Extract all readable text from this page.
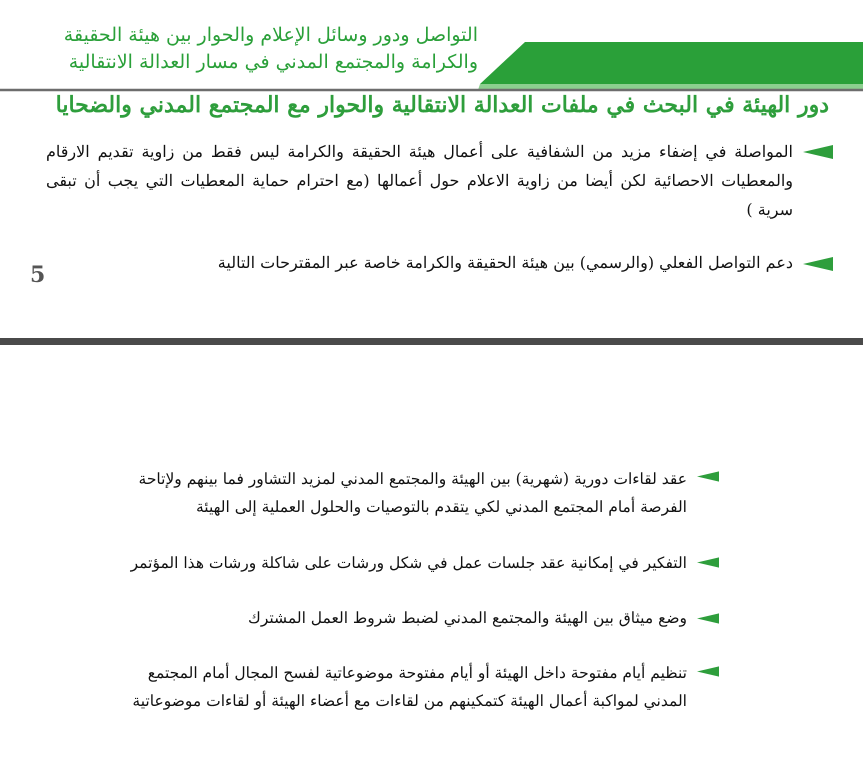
التواصل ودور وسائل الإعلام والحوار بين هيئة الحقيقة
والكرامة والمجتمع المدني في مسار العدالة الانتقالية
دور الهيئة في البحث في ملفات العدالة الانتقالية والحوار مع المجتمع المدني والضحايا
المواصلة في إضفاء مزيد من الشفافية على أعمال هيئة الحقيقة والكرامة ليس فقط من زاوية تقديم الارقام والمعطيات الاحصائية لكن أيضا من زاوية الاعلام حول أعمالها (مع احترام حماية المعطيات التي يجب أن تبقى سرية )
دعم التواصل الفعلي (والرسمي) بين هيئة الحقيقة والكرامة خاصة عبر المقترحات التالية
5
عقد لقاءات دورية (شهرية) بين الهيئة والمجتمع المدني لمزيد التشاور فما بينهم ولإتاحة
الفرصة أمام المجتمع المدني لكي يتقدم بالتوصيات والحلول العملية إلى الهيئة
التفكير في إمكانية عقد جلسات عمل في شكل ورشات على شاكلة ورشات هذا المؤتمر
وضع ميثاق بين الهيئة والمجتمع المدني لضبط شروط العمل المشترك
تنظيم أيام مفتوحة داخل الهيئة أو أيام مفتوحة موضوعاتية لفسح المجال أمام المجتمع
المدني لمواكبة أعمال الهيئة كتمكينهم من لقاءات مع أعضاء الهيئة أو لقاءات موضوعاتية
